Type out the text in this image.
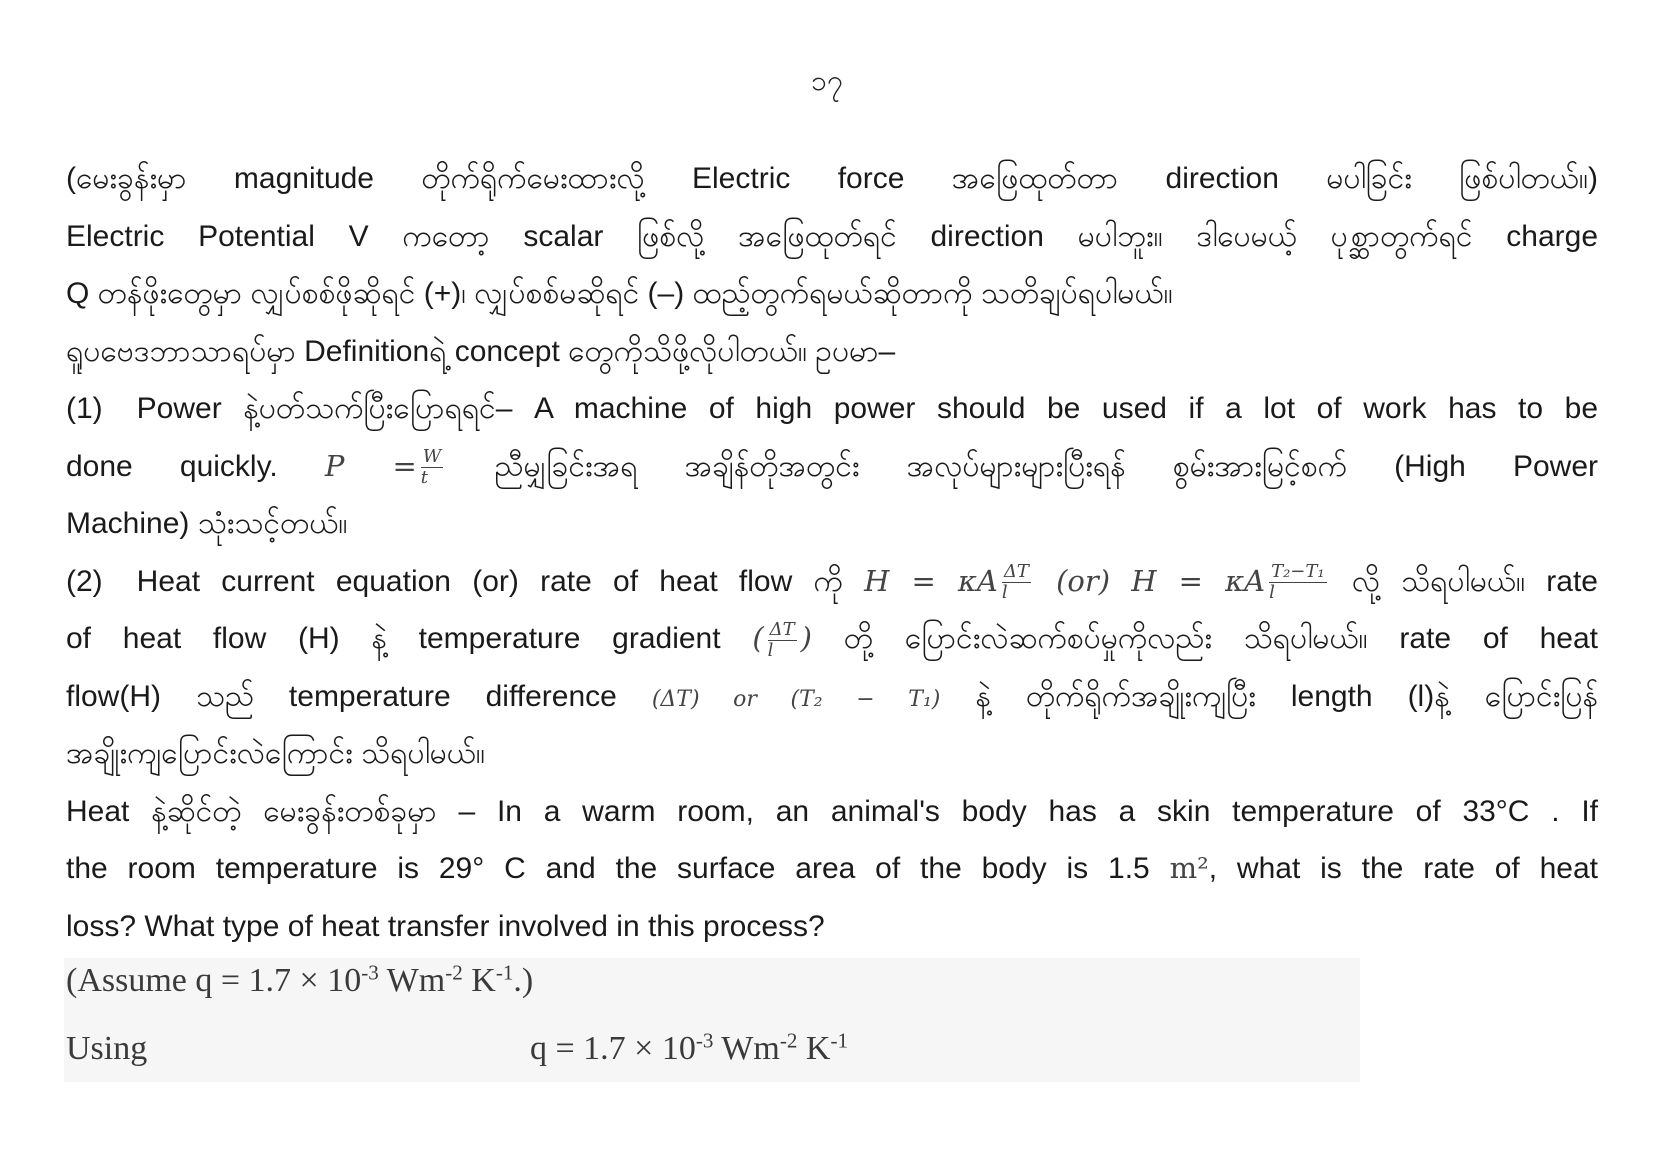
၁၇
(မေးခွန်းမှာ magnitude တိုက်ရိုက်မေးထားလို့ Electric force အဖြေထုတ်တာ direction မပါခြင်း ဖြစ်ပါတယ်။)
Electric Potential V ကတော့ scalar ဖြစ်လို့ အဖြေထုတ်ရင် direction မပါဘူး။ ဒါပေမယ့် ပုစ္ဆာတွက်ရင် charge
Q တန်ဖိုးတွေမှာ လျှပ်စစ်ဖိုဆိုရင် (+)၊ လျှပ်စစ်မဆိုရင် (–) ထည့်တွက်ရမယ်ဆိုတာကို သတိချပ်ရပါမယ်။
ရူပဗေဒဘာသာရပ်မှာ Definitionရဲ့ concept တွေကိုသိဖို့လိုပါတယ်။ ဥပမာ–
(1) Power နဲ့ပတ်သက်ပြီးပြောရရင်– A machine of high power should be used if a lot of work has to be
done quickly. $P = \frac{W}{t}$ ညီမျှခြင်းအရ အချိန်တိုအတွင်း အလုပ်များများပြီးရန် စွမ်းအားမြင့်စက် (High Power
Machine) သုံးသင့်တယ်။
(2) Heat current equation (or) rate of heat flow ကို H = κA $\frac{\Delta T}{l} (or) H = \kappa A \frac{\text{T₂−T₁}}{l}$ လို့ သိရပါမယ်။ rate
of heat flow (H) နဲ့ temperature gradient ( $\frac{\Delta T}{l}$ ) တို့ ပြောင်းလဲဆက်စပ်မှုကိုလည်း သိရပါမယ်။ rate of heat
flow(H) သည် temperature difference (ΔT) or (T₂ − T₁) နဲ့ တိုက်ရိုက်အချိုးကျပြီး length (l)နဲ့ ပြောင်းပြန်
အချိုးကျပြောင်းလဲကြောင်း သိရပါမယ်။
Heat နဲ့ဆိုင်တဲ့ မေးခွန်းတစ်ခုမှာ – In a warm room, an animal's body has a skin temperature of 33°C . If
the room temperature is 29° C and the surface area of the body is 1.5 m², what is the rate of heat
loss? What type of heat transfer involved in this process?
(Assume $q = 1.7 \times 10^{-3}$ $Wm^{-2}$ $K^{-1}$.)
Using	$q = 1.7 \times 10^{-3}$ $Wm^{-2}$ $K^{-1}$
